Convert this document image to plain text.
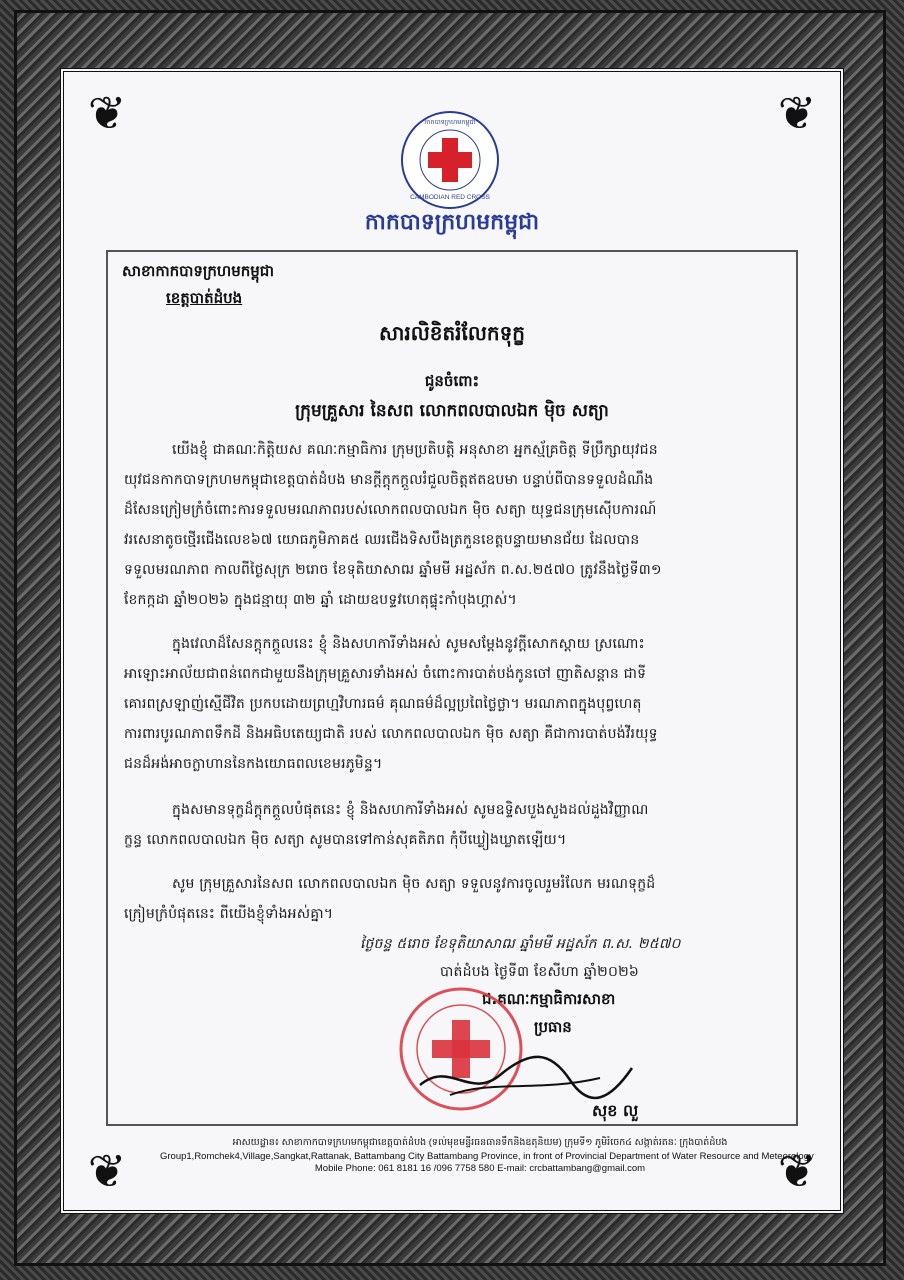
❦	❦
❦	❦
CAMBODIAN RED CROSS
កាកបាទក្រហមកម្ពុជា
កាកបាទក្រហមកម្ពុជា
សាខាកាកបាទក្រហមកម្ពុជា
ខេត្តបាត់ដំបង
សារលិខិតរំលែកទុក្ខ
ជូនចំពោះ
ក្រុមគ្រួសារ នៃសព លោកពលបាលឯក ម៉ិច សត្យា
យើងខ្ញុំ ជាគណៈកិត្តិយស គណៈកម្មាធិការ ក្រុមប្រតិបត្តិ អនុសាខា អ្នកស្ម័គ្រចិត្ត ទីប្រឹក្សាយុវជន
យុវជនកាកបាទក្រហមកម្ពុជាខេត្តបាត់ដំបង មានក្តីក្តុកក្តួលរំជួលចិត្តឥតឧបមា បន្ទាប់ពីបានទទួលដំណឹង
ដ៏សែនក្រៀមក្រំចំពោះការទទួលមរណភាពរបស់លោកពលបាលឯក ម៉ិច សត្យា យុទ្ធជនក្រុមស៊ើបការណ៍
វរសេនាតូចថ្មើរជើងលេខ៦៧ យោធភូមិភាគ៥ ឈរជើងទិសបឹងត្រកួនខេត្តបន្ទាយមានជ័យ ដែលបាន
ទទួលមរណភាព កាលពីថ្ងៃសុក្រ ២រោច ខែទុតិយាសាឍ ឆ្នាំមមី អដ្ឋស័ក ព.ស.២៥៧០ ត្រូវនឹងថ្ងៃទី៣១
ខែកក្កដា ឆ្នាំ២០២៦ ក្នុងជន្មាយុ ៣២ ឆ្នាំ ដោយឧបទ្ទវហេតុផ្ទុះកាំបុងហ្គាស់។
ក្នុងវេលាដ៏សែនក្តុកក្តួលនេះ ខ្ញុំ និងសហការីទាំងអស់ សូមសម្តែងនូវក្តីសោកស្តាយ ស្រណោះ
អាឡោះអាល័យជាពន់ពេកជាមួយនឹងក្រុមគ្រួសារទាំងអស់ ចំពោះការបាត់បង់កូនចៅ ញាតិសន្តាន ជាទី
គោរពស្រឡាញ់ស្មើជីវិត ប្រកបដោយព្រហ្មវិហារធម៌ គុណធម៌ដ៏ល្អប្រពៃថ្លៃថ្លា។ មរណភាពក្នុងបុព្វហេតុ
ការពារបូរណភាពទឹកដី និងអធិបតេយ្យជាតិ របស់ លោកពលបាលឯក ម៉ិច សត្យា គឺជាការបាត់បង់វីរយុទ្ធ
ជនដ៏អង់អាចក្លាហាននៃកងយោធពលខេមរភូមិន្ទ។
ក្នុងសមានទុក្ខដ៏ក្តុកក្តួលបំផុតនេះ ខ្ញុំ និងសហការីទាំងអស់ សូមឧទ្ទិសបួងសួងដល់ដួងវិញ្ញាណ
ក្ខន្ធ លោកពលបាលឯក ម៉ិច សត្យា សូមបានទៅកាន់សុគតិភព កុំបីឃ្លៀងឃ្លាតឡើយ។
សូម ក្រុមគ្រួសារនៃសព លោកពលបាលឯក ម៉ិច សត្យា ទទួលនូវការចូលរួមរំលែក មរណទុក្ខដ៏
ក្រៀមក្រំបំផុតនេះ ពីយើងខ្ញុំទាំងអស់គ្នា។
ថ្ងៃចន្ទ ៥រោច ខែទុតិយាសាឍ ឆ្នាំមមី អដ្ឋស័ក ព.ស. ២៥៧០
បាត់ដំបង ថ្ងៃទី៣ ខែសីហា ឆ្នាំ២០២៦
ជ.គណៈកម្មាធិការសាខា
ប្រធាន
សុខ លួ
អាសយដ្ឋាន៖ សាខាកាកបាទក្រហមកម្ពុជាខេត្តបាត់ដំបង (ទល់មុខមន្ទីរធនធានទឹកនិងឧតុនិយម) ក្រុមទី១ ភូមិរំចេក៤ សង្កាត់រតនៈ ក្រុងបាត់ដំបង
Group1,Romchek4,Village,Sangkat,Rattanak, Battambang City Battambang Province, in front of Provincial Department of Water Resource and Meteorology
Mobile Phone: 061 8181 16 /096 7758 580 E-mail: crcbattambang@gmail.com
